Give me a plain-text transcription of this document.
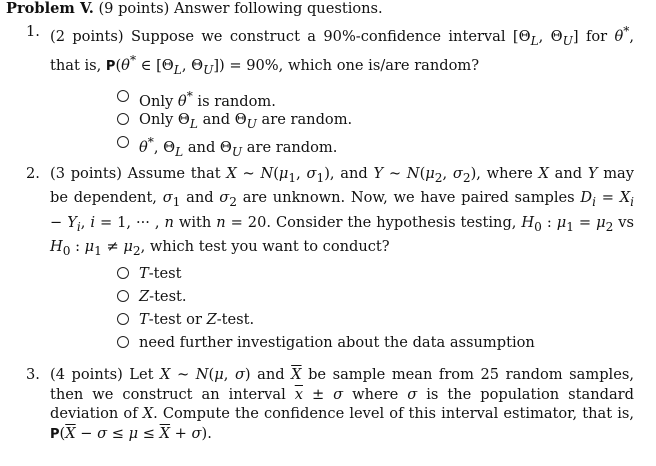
Problem V. (9 points) Answer following questions.
1. (2 points) Suppose we construct a 90%-confidence interval [$\Theta_L$, $\Theta_U$] for θ*, that is, P(θ* ∈ [$\Theta_L$, $\Theta_U]) = 90\%$, which one is/are random?
Only θ* is random.
Only $\Theta_L$ and $\Theta_U$ are random.
θ*, $\Theta_L$ and $\Theta_U$ are random.
2. (3 points) Assume that X ~ $N(\mu_1$, $\sigma_1$), and Y ~ $N(\mu_2$, $\sigma_2$), where X and Y may be dependent, $\sigma_1$ and $\sigma_2$ are unknown. Now, we have paired samples $D_i = X_i - Y_i$, i = 1, ··· , n with n = 20. Consider the hypothesis testing, $H_0$ : $\mu_1 = \mu_2$ vs $H_0$ : $\mu_1 \ne \mu_2$, which test you want to conduct?
T-test
Z-test.
T-test or Z-test.
need further investigation about the data assumption
3. (4 points) Let X ~ N(μ, σ) and $\overline{X}$ be sample mean from 25 random samples, then we construct an interval $\overline{x} \pm \sigma$ where σ is the population standard deviation of X. Compute the confidence level of this interval estimator, that is, $P(\overline{X} - \sigma \le \mu \le \overline{X} + \sigma)$.
